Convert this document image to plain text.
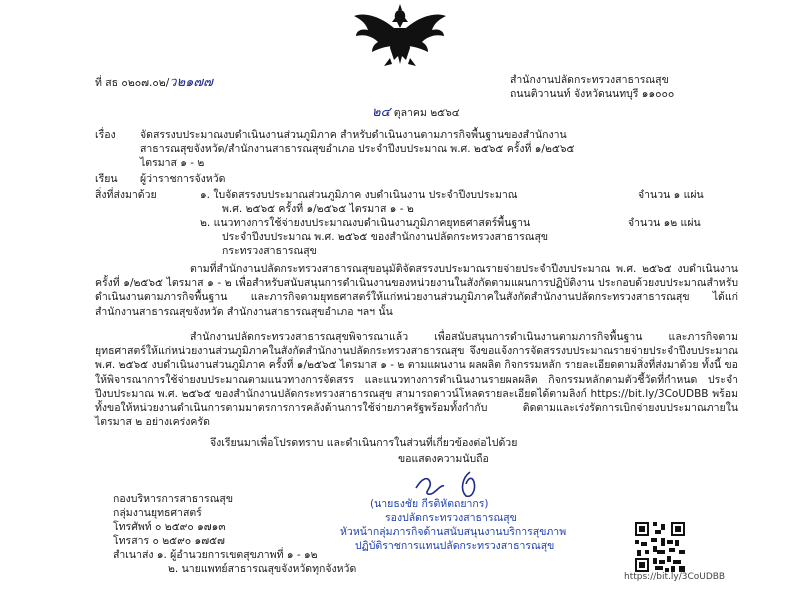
ที่ สธ ๐๒๐๗.๐๒/ว๒๑๗๗	สำนักงานปลัดกระทรวงสาธารณสุข
ถนนติวานนท์ จังหวัดนนทบุรี ๑๑๐๐๐
๒๔ ตุลาคม ๒๕๖๔
เรื่อง จัดสรรงบประมาณงบดำเนินงานส่วนภูมิภาค สำหรับดำเนินงานตามภารกิจพื้นฐานของสำนักงาน
สาธารณสุขจังหวัด/สำนักงานสาธารณสุขอำเภอ ประจำปีงบประมาณ พ.ศ. ๒๕๖๕ ครั้งที่ ๑/๒๕๖๕
ไตรมาส ๑ - ๒
เรียน ผู้ว่าราชการจังหวัด
สิ่งที่ส่งมาด้วย	๑. ใบจัดสรรงบประมาณส่วนภูมิภาค งบดำเนินงาน ประจำปีงบประมาณ	จำนวน ๑ แผ่น
พ.ศ. ๒๕๖๕ ครั้งที่ ๑/๒๕๖๕ ไตรมาส ๑ - ๒
๒. แนวทางการใช้จ่ายงบประมาณงบดำเนินงานภูมิภาคยุทธศาสตร์พื้นฐาน	จำนวน ๑๒ แผ่น
ประจำปีงบประมาณ พ.ศ. ๒๕๖๕ ของสำนักงานปลัดกระทรวงสาธารณสุข
กระทรวงสาธารณสุข

ตามที่สำนักงานปลัดกระทรวงสาธารณสุขอนุมัติจัดสรรงบประมาณรายจ่ายประจำปีงบประมาณ พ.ศ. ๒๕๖๕ งบดำเนินงาน ครั้งที่ ๑/๒๕๖๕ ไตรมาส ๑ - ๒ เพื่อสำหรับสนับสนุนการดำเนินงานของหน่วยงานในสังกัดตามแผนการปฏิบัติงาน ประกอบด้วยงบประมาณสำหรับดำเนินงานตามภารกิจพื้นฐาน และภารกิจตามยุทธศาสตร์ให้แก่หน่วยงานส่วนภูมิภาคในสังกัดสำนักงานปลัดกระทรวงสาธารณสุข ได้แก่ สำนักงานสาธารณสุขจังหวัด สำนักงานสาธารณสุขอำเภอ ฯลฯ นั้น

สำนักงานปลัดกระทรวงสาธารณสุขพิจารณาแล้ว เพื่อสนับสนุนการดำเนินงานตามภารกิจพื้นฐาน และภารกิจตามยุทธศาสตร์ให้แก่หน่วยงานส่วนภูมิภาคในสังกัดสำนักงานปลัดกระทรวงสาธารณสุข จึงขอแจ้งการจัดสรรงบประมาณรายจ่ายประจำปีงบประมาณ พ.ศ. ๒๕๖๕ งบดำเนินงานส่วนภูมิภาค ครั้งที่ ๑/๒๕๖๕ ไตรมาส ๑ - ๒ ตามแผนงาน ผลผลิต กิจกรรมหลัก รายละเอียดตามสิ่งที่ส่งมาด้วย ทั้งนี้ ขอให้พิจารณาการใช้จ่ายงบประมาณตามแนวทางการจัดสรร และแนวทางการดำเนินงานรายผลผลิต กิจกรรมหลักตามตัวชี้วัดที่กำหนด ประจำปีงบประมาณ พ.ศ. ๒๕๖๕ ของสำนักงานปลัดกระทรวงสาธารณสุข สามารถดาวน์โหลดรายละเอียดได้ตามลิงก์ https://bit.ly/3CoUDBB พร้อมทั้งขอให้หน่วยงานดำเนินการตามมาตรการการคลังด้านการใช้จ่ายภาครัฐพร้อมทั้งกำกับ ติดตามและเร่งรัดการเบิกจ่ายงบประมาณภายในไตรมาส ๒ อย่างเคร่งครัด

จึงเรียนมาเพื่อโปรดทราบ และดำเนินการในส่วนที่เกี่ยวข้องต่อไปด้วย
ขอแสดงความนับถือ
(นายธงชัย กีรติหัตถยากร)
รองปลัดกระทรวงสาธารณสุข
หัวหน้ากลุ่มภารกิจด้านสนับสนุนงานบริการสุขภาพ
ปฏิบัติราชการแทนปลัดกระทรวงสาธารณสุข
กองบริหารการสาธารณสุข
กลุ่มงานยุทธศาสตร์
โทรศัพท์ ๐ ๒๕๙๐ ๑๗๑๓
โทรสาร ๐ ๒๕๙๐ ๑๗๕๗
สำเนาส่ง ๑. ผู้อำนวยการเขตสุขภาพที่ ๑ - ๑๒
๒. นายแพทย์สาธารณสุขจังหวัดทุกจังหวัด
https://bit.ly/3CoUDBB
